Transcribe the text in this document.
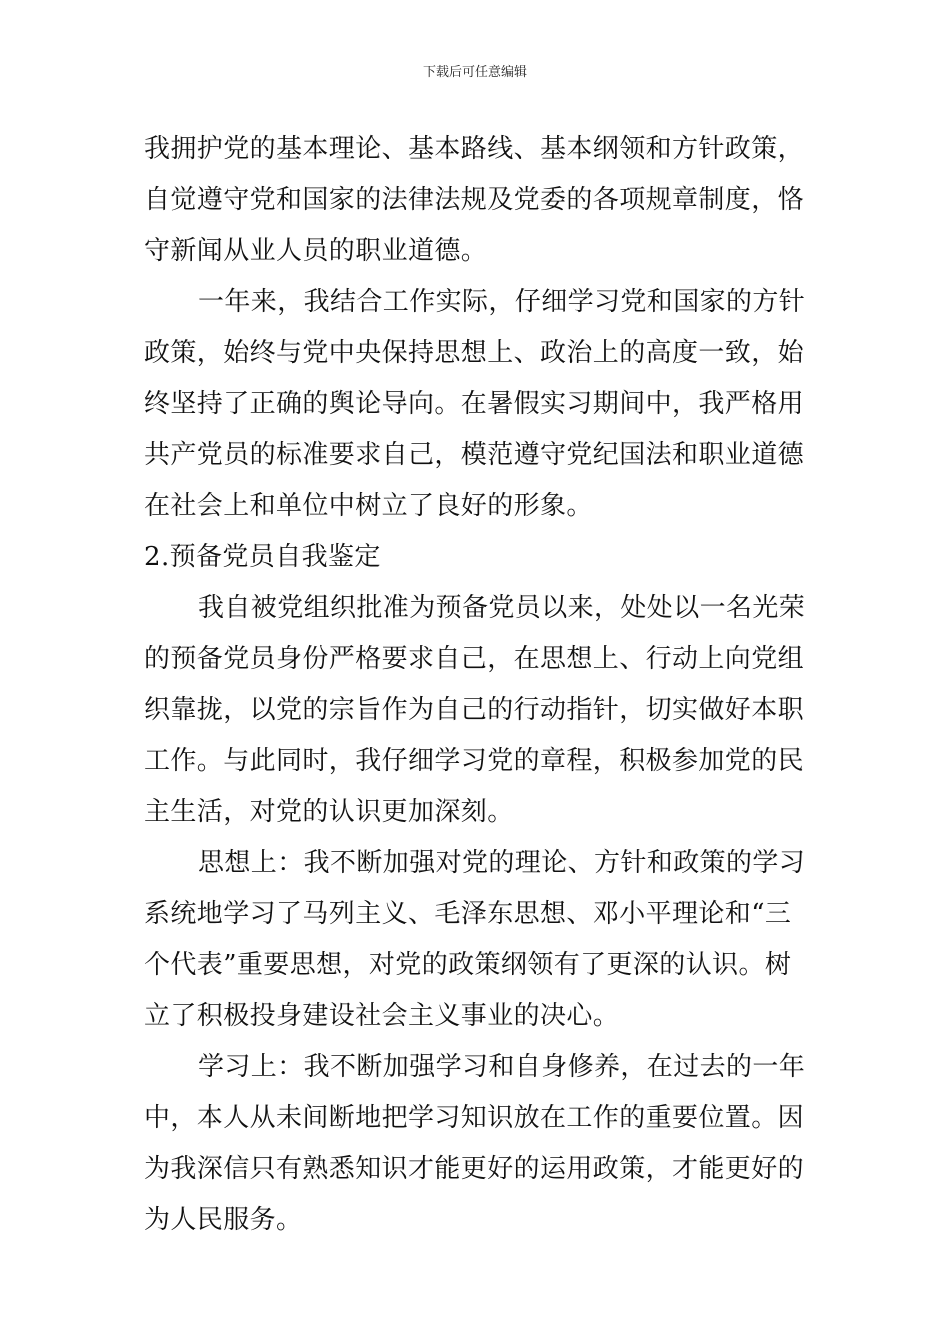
下载后可任意编辑
我拥护党的基本理论、基本路线、基本纲领和方针政策，
自觉遵守党和国家的法律法规及党委的各项规章制度，恪
守新闻从业人员的职业道德。
一年来，我结合工作实际，仔细学习党和国家的方针
政策，始终与党中央保持思想上、政治上的高度一致，始
终坚持了正确的舆论导向。在暑假实习期间中，我严格用
共产党员的标准要求自己，模范遵守党纪国法和职业道德
在社会上和单位中树立了良好的形象。
2.预备党员自我鉴定
我自被党组织批准为预备党员以来，处处以一名光荣
的预备党员身份严格要求自己，在思想上、行动上向党组
织靠拢，以党的宗旨作为自己的行动指针，切实做好本职
工作。与此同时，我仔细学习党的章程，积极参加党的民
主生活，对党的认识更加深刻。
思想上：我不断加强对党的理论、方针和政策的学习
系统地学习了马列主义、毛泽东思想、邓小平理论和“三
个代表”重要思想，对党的政策纲领有了更深的认识。树
立了积极投身建设社会主义事业的决心。
学习上：我不断加强学习和自身修养，在过去的一年
中，本人从未间断地把学习知识放在工作的重要位置。因
为我深信只有熟悉知识才能更好的运用政策，才能更好的
为人民服务。
